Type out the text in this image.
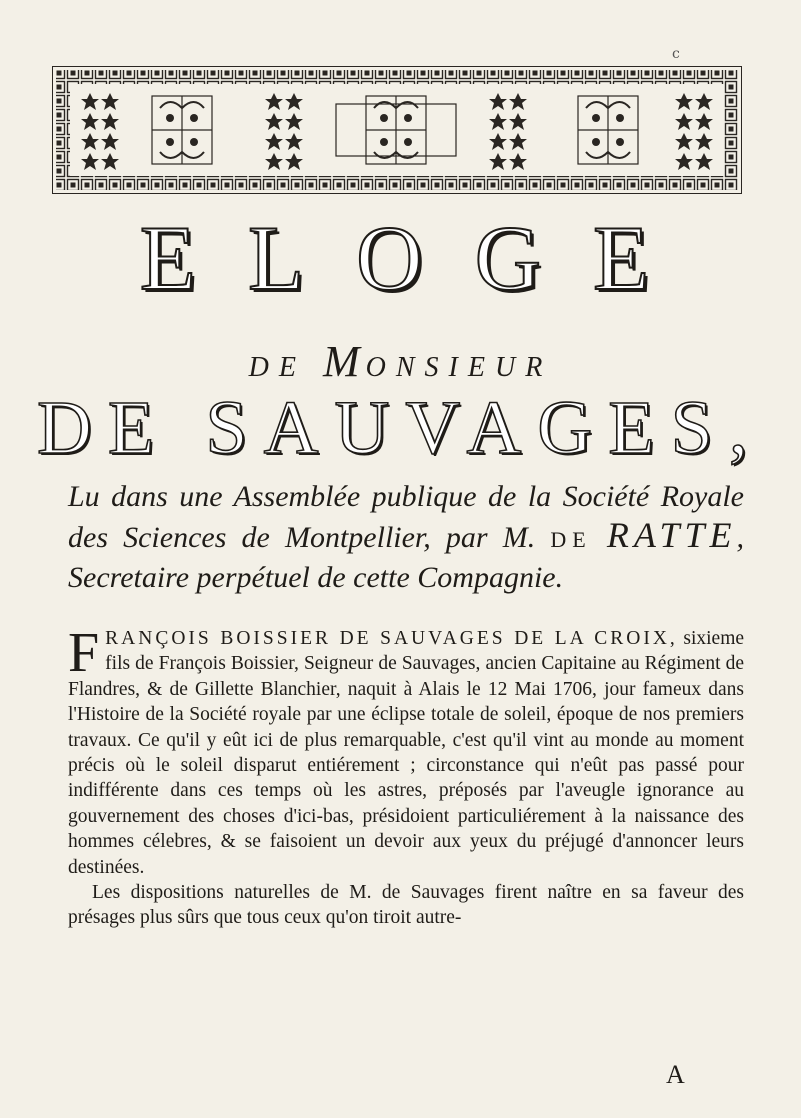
c
ELOGE
DE MONSIEUR
DE SAUVAGES,
Lu dans une Assemblée publique de la Société Royale des Sciences de Montpellier, par M. DE RATTE, Secretaire perpétuel de cette Compagnie.

F RANÇOIS BOISSIER DE SAUVAGES DE LA CROIX, sixieme fils de François Boissier, Seigneur de Sauvages, ancien Capitaine au Régiment de Flandres, & de Gillette Blanchier, naquit à Alais le 12 Mai 1706, jour fameux dans l'Histoire de la Société royale par une éclipse totale de soleil, époque de nos premiers travaux. Ce qu'il y eût ici de plus remarquable, c'est qu'il vint au monde au moment précis où le soleil disparut entiérement ; circonstance qui n'eût pas passé pour indifférente dans ces temps où les astres, préposés par l'aveugle ignorance au gouvernement des choses d'ici-bas, présidoient particuliérement à la naissance des hommes célebres, & se faisoient un devoir aux yeux du préjugé d'annoncer leurs destinées.

Les dispositions naturelles de M. de Sauvages firent naître en sa faveur des présages plus sûrs que tous ceux qu'on tiroit autre-

A
